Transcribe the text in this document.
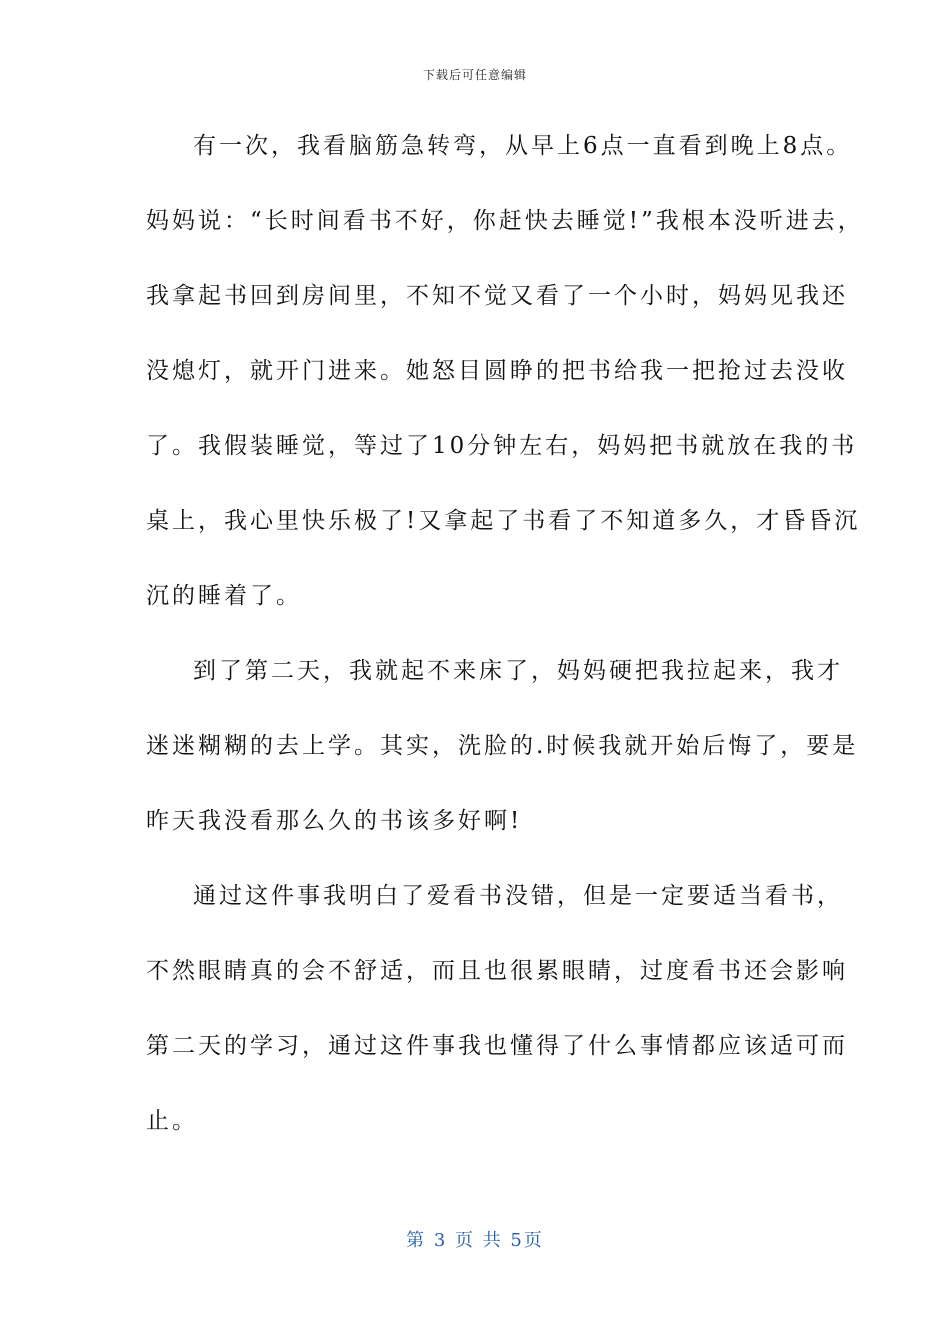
下载后可任意编辑
有一次，我看脑筋急转弯，从早上6点一直看到晚上8点。
妈妈说：“长时间看书不好，你赶快去睡觉!”我根本没听进去，
我拿起书回到房间里，不知不觉又看了一个小时，妈妈见我还
没熄灯，就开门进来。她怒目圆睁的把书给我一把抢过去没收
了。我假装睡觉，等过了10分钟左右，妈妈把书就放在我的书
桌上，我心里快乐极了!又拿起了书看了不知道多久，才昏昏沉
沉的睡着了。
到了第二天，我就起不来床了，妈妈硬把我拉起来，我才
迷迷糊糊的去上学。其实，洗脸的.时候我就开始后悔了，要是
昨天我没看那么久的书该多好啊!
通过这件事我明白了爱看书没错，但是一定要适当看书，
不然眼睛真的会不舒适，而且也很累眼睛，过度看书还会影响
第二天的学习，通过这件事我也懂得了什么事情都应该适可而
止。
第 3 页 共 5页
